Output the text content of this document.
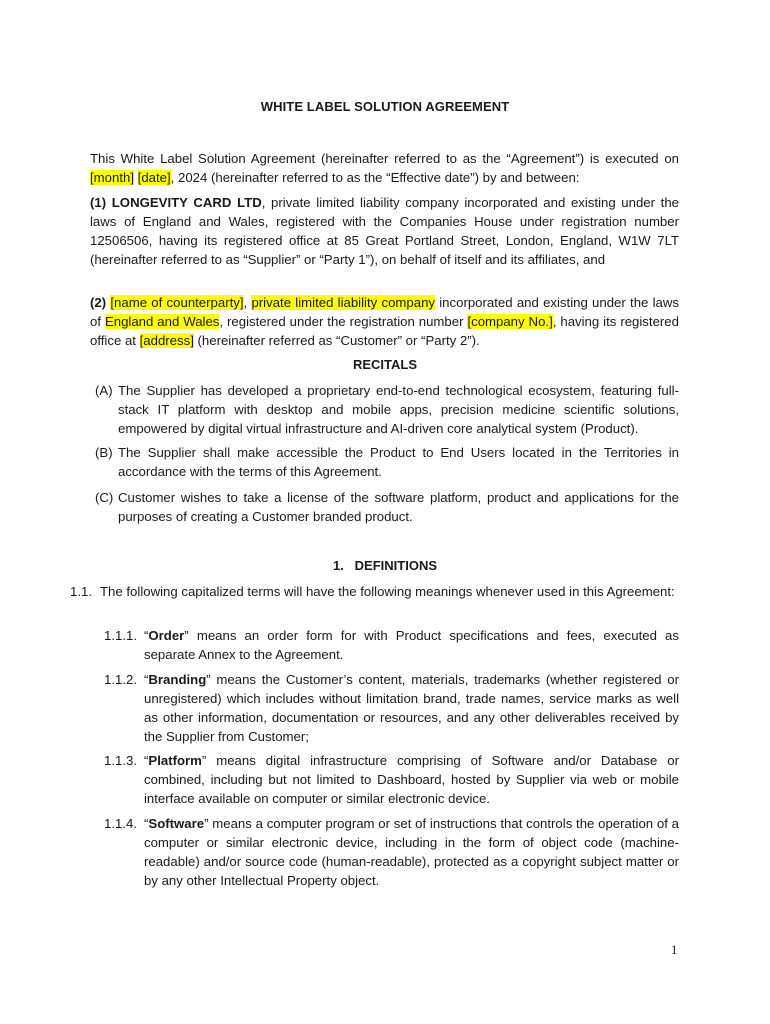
WHITE LABEL SOLUTION AGREEMENT
This White Label Solution Agreement (hereinafter referred to as the “Agreement”) is executed on [month] [date], 2024 (hereinafter referred to as the “Effective date”) by and between:
(1) LONGEVITY CARD LTD, private limited liability company incorporated and existing under the laws of England and Wales, registered with the Companies House under registration number 12506506, having its registered office at 85 Great Portland Street, London, England, W1W 7LT (hereinafter referred to as “Supplier” or “Party 1”), on behalf of itself and its affiliates, and
(2) [name of counterparty], private limited liability company incorporated and existing under the laws of England and Wales, registered under the registration number [company No.], having its registered office at [address] (hereinafter referred as “Customer” or “Party 2”).
RECITALS
(A) The Supplier has developed a proprietary end-to-end technological ecosystem, featuring full-stack IT platform with desktop and mobile apps, precision medicine scientific solutions, empowered by digital virtual infrastructure and AI-driven core analytical system (Product).
(B) The Supplier shall make accessible the Product to End Users located in the Territories in accordance with the terms of this Agreement.
(C) Customer wishes to take a license of the software platform, product and applications for the purposes of creating a Customer branded product.
1.   DEFINITIONS
1.1. The following capitalized terms will have the following meanings whenever used in this Agreement:
1.1.1. “Order” means an order form for with Product specifications and fees, executed as separate Annex to the Agreement.
1.1.2. “Branding” means the Customer’s content, materials, trademarks (whether registered or unregistered) which includes without limitation brand, trade names, service marks as well as other information, documentation or resources, and any other deliverables received by the Supplier from Customer;
1.1.3. “Platform” means digital infrastructure comprising of Software and/or Database or combined, including but not limited to Dashboard, hosted by Supplier via web or mobile interface available on computer or similar electronic device.
1.1.4. “Software” means a computer program or set of instructions that controls the operation of a computer or similar electronic device, including in the form of object code (machine-readable) and/or source code (human-readable), protected as a copyright subject matter or by any other Intellectual Property object.
1
